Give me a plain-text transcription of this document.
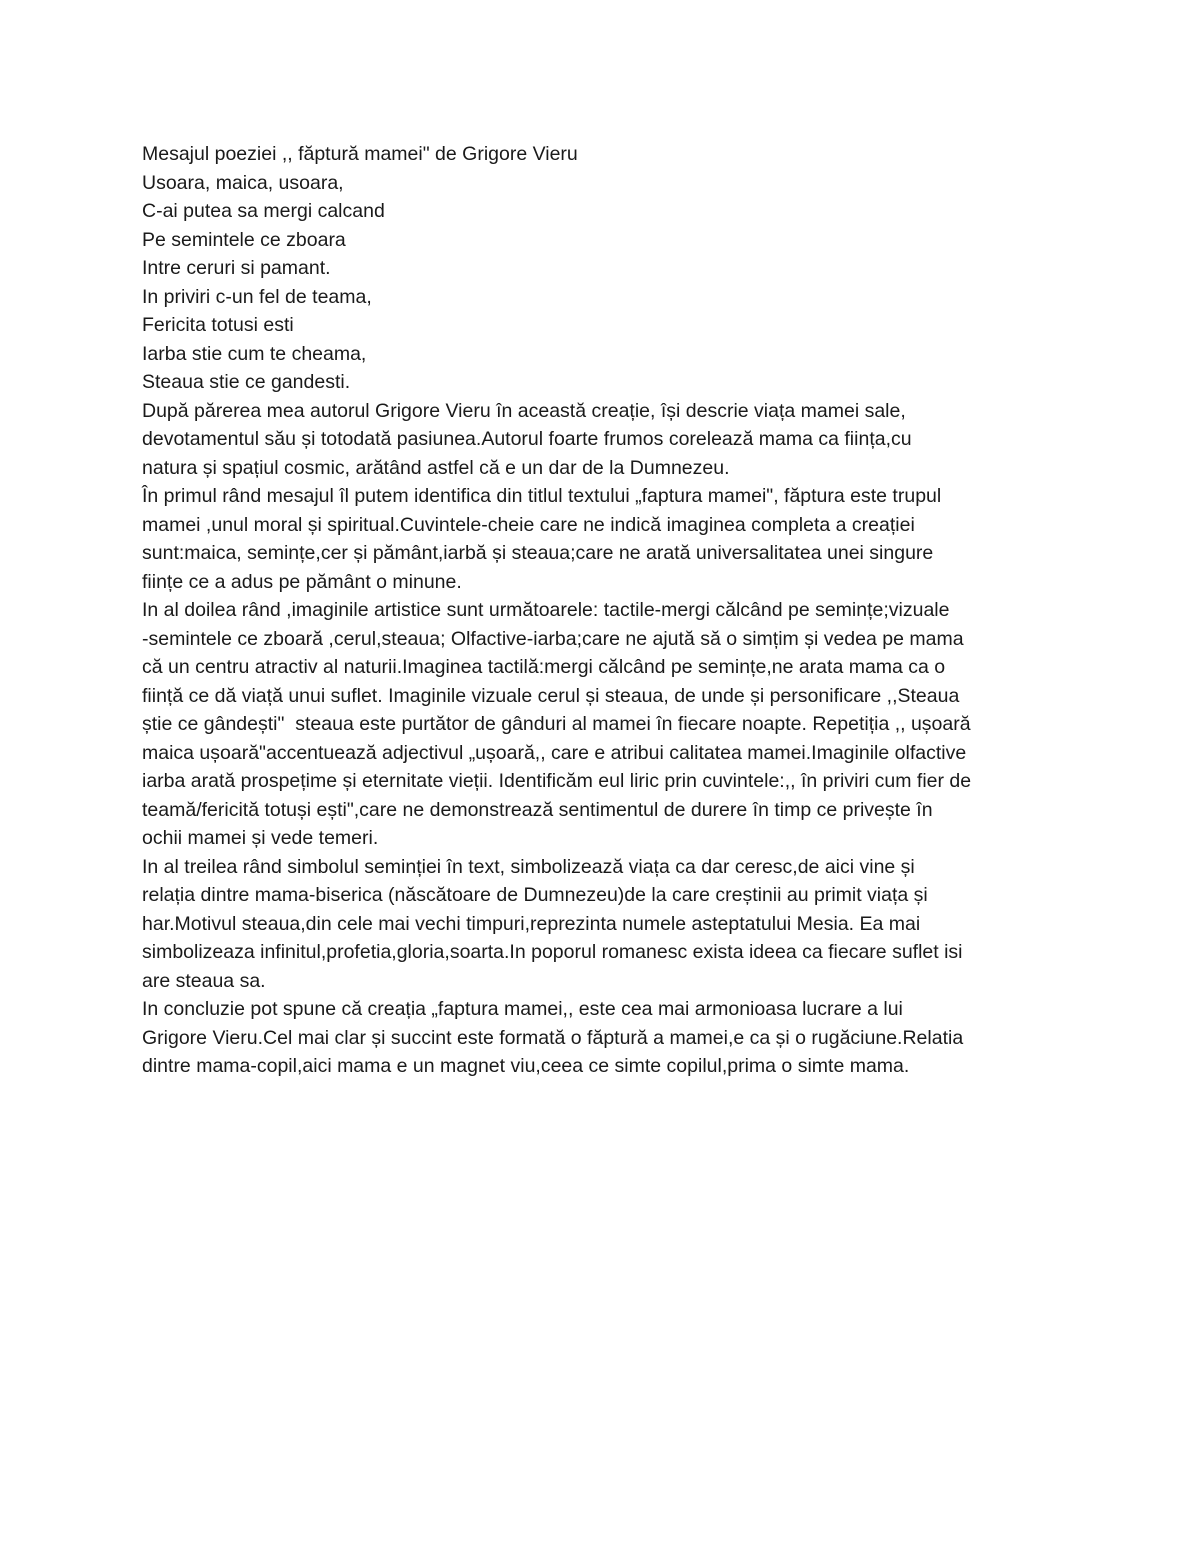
Mesajul poeziei ,, făptură mamei" de Grigore Vieru
Usoara, maica, usoara,
C-ai putea sa mergi calcand
Pe semintele ce zboara
Intre ceruri si pamant.
In priviri c-un fel de teama,
Fericita totusi esti
Iarba stie cum te cheama,
Steaua stie ce gandesti.
După părerea mea autorul Grigore Vieru în această creație, își descrie viața mamei sale,
devotamentul său și totodată pasiunea.Autorul foarte frumos corelează mama ca ființa,cu
natura și spațiul cosmic, arătând astfel că e un dar de la Dumnezeu.
În primul rând mesajul îl putem identifica din titlul textului „faptura mamei", făptura este trupul
mamei ,unul moral și spiritual.Cuvintele-cheie care ne indică imaginea completa a creației
sunt:maica, semințe,cer și pământ,iarbă și steaua;care ne arată universalitatea unei singure
ființe ce a adus pe pământ o minune.
In al doilea rând ,imaginile artistice sunt următoarele: tactile-mergi călcând pe semințe;vizuale
-semintele ce zboară ,cerul,steaua; Olfactive-iarba;care ne ajută să o simțim și vedea pe mama
că un centru atractiv al naturii.Imaginea tactilă:mergi călcând pe semințe,ne arata mama ca o
ființă ce dă viață unui suflet. Imaginile vizuale cerul și steaua, de unde și personificare ,,Steaua
știe ce gândești"  steaua este purtător de gânduri al mamei în fiecare noapte. Repetiția ,, ușoară
maica ușoară"accentuează adjectivul „ușoară,, care e atribui calitatea mamei.Imaginile olfactive
iarba arată prospețime și eternitate vieții. Identificăm eul liric prin cuvintele:,, în priviri cum fier de
teamă/fericită totuși ești",care ne demonstrează sentimentul de durere în timp ce privește în
ochii mamei și vede temeri.
In al treilea rând simbolul seminției în text, simbolizează viața ca dar ceresc,de aici vine și
relația dintre mama-biserica (născătoare de Dumnezeu)de la care creștinii au primit viața și
har.Motivul steaua,din cele mai vechi timpuri,reprezinta numele asteptatului Mesia. Ea mai
simbolizeaza infinitul,profetia,gloria,soarta.In poporul romanesc exista ideea ca fiecare suflet isi
are steaua sa.
In concluzie pot spune că creația „faptura mamei,, este cea mai armonioasa lucrare a lui
Grigore Vieru.Cel mai clar și succint este formată o făptură a mamei,e ca și o rugăciune.Relatia
dintre mama-copil,aici mama e un magnet viu,ceea ce simte copilul,prima o simte mama.
